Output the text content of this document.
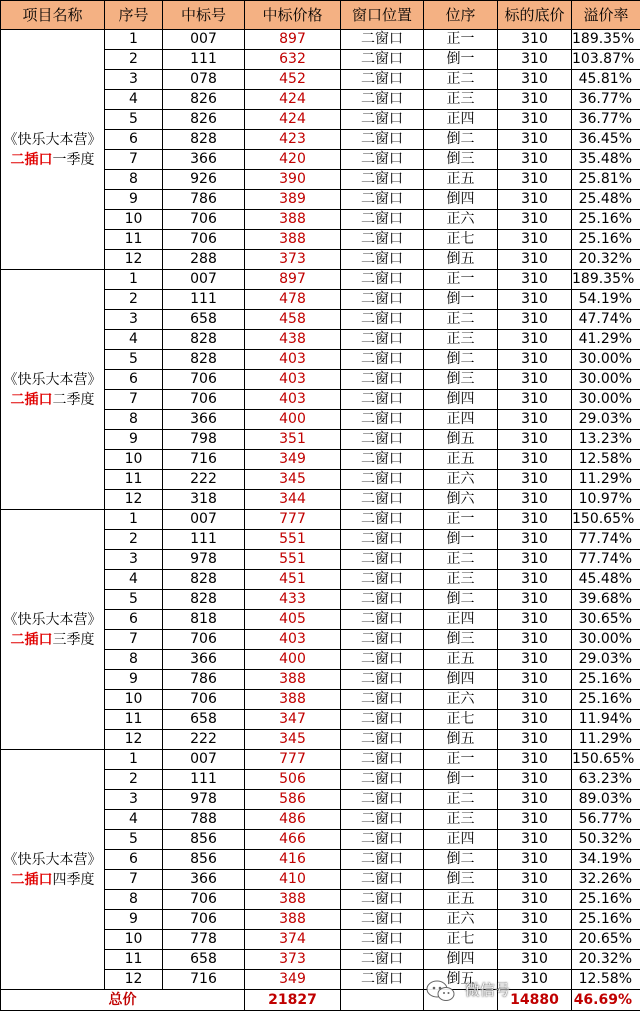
项目名称	序号	中标号	中标价格	窗口位置	位序	标的底价	溢价率
《快乐大本营》
二插口一季度	1	007	897	二窗口	正一	310	189.35%
	2	111	632	二窗口	倒一	310	103.87%
	3	078	452	二窗口	正二	310	45.81%
	4	826	424	二窗口	正三	310	36.77%
	5	826	424	二窗口	正四	310	36.77%
	6	828	423	二窗口	倒二	310	36.45%
	7	366	420	二窗口	倒三	310	35.48%
	8	926	390	二窗口	正五	310	25.81%
	9	786	389	二窗口	倒四	310	25.48%
	10	706	388	二窗口	正六	310	25.16%
	11	706	388	二窗口	正七	310	25.16%
	12	288	373	二窗口	倒五	310	20.32%
《快乐大本营》
二插口二季度	1	007	897	二窗口	正一	310	189.35%
	2	111	478	二窗口	倒一	310	54.19%
	3	658	458	二窗口	正二	310	47.74%
	4	828	438	二窗口	正三	310	41.29%
	5	828	403	二窗口	倒二	310	30.00%
	6	706	403	二窗口	倒三	310	30.00%
	7	706	403	二窗口	倒四	310	30.00%
	8	366	400	二窗口	正四	310	29.03%
	9	798	351	二窗口	倒五	310	13.23%
	10	716	349	二窗口	正五	310	12.58%
	11	222	345	二窗口	正六	310	11.29%
	12	318	344	二窗口	倒六	310	10.97%
《快乐大本营》
二插口三季度	1	007	777	二窗口	正一	310	150.65%
	2	111	551	二窗口	倒一	310	77.74%
	3	978	551	二窗口	正二	310	77.74%
	4	828	451	二窗口	正三	310	45.48%
	5	828	433	二窗口	倒二	310	39.68%
	6	818	405	二窗口	正四	310	30.65%
	7	706	403	二窗口	倒三	310	30.00%
	8	366	400	二窗口	正五	310	29.03%
	9	786	388	二窗口	倒四	310	25.16%
	10	706	388	二窗口	正六	310	25.16%
	11	658	347	二窗口	正七	310	11.94%
	12	222	345	二窗口	倒五	310	11.29%
《快乐大本营》
二插口四季度	1	007	777	二窗口	正一	310	150.65%
	2	111	506	二窗口	倒一	310	63.23%
	3	978	586	二窗口	正二	310	89.03%
	4	788	486	二窗口	正三	310	56.77%
	5	856	466	二窗口	正四	310	50.32%
	6	856	416	二窗口	倒二	310	34.19%
	7	366	410	二窗口	倒三	310	32.26%
	8	706	388	二窗口	正五	310	25.16%
	9	706	388	二窗口	正六	310	25.16%
	10	778	374	二窗口	正七	310	20.65%
	11	658	373	二窗口	倒四	310	20.32%
	12	716	349	二窗口	倒五	310	12.58%
总价			21827			14880	46.69%
微信号
